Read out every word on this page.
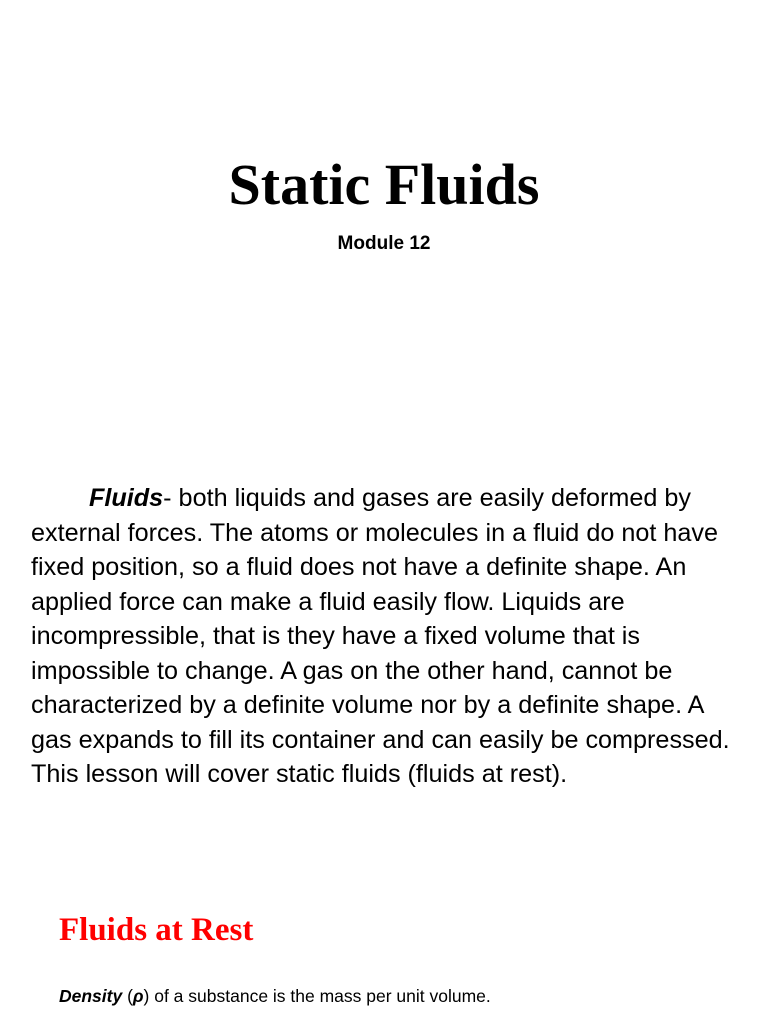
Static Fluids
Module 12

Fluids- both liquids and gases are easily deformed by external forces. The atoms or molecules in a fluid do not have fixed position, so a fluid does not have a definite shape. An applied force can make a fluid easily flow. Liquids are incompressible, that is they have a fixed volume that is impossible to change. A gas on the other hand, cannot be characterized by a definite volume nor by a definite shape. A gas expands to fill its container and can easily be compressed. This lesson will cover static fluids (fluids at rest).

Fluids at Rest

Density (ρ) of a substance is the mass per unit volume.
